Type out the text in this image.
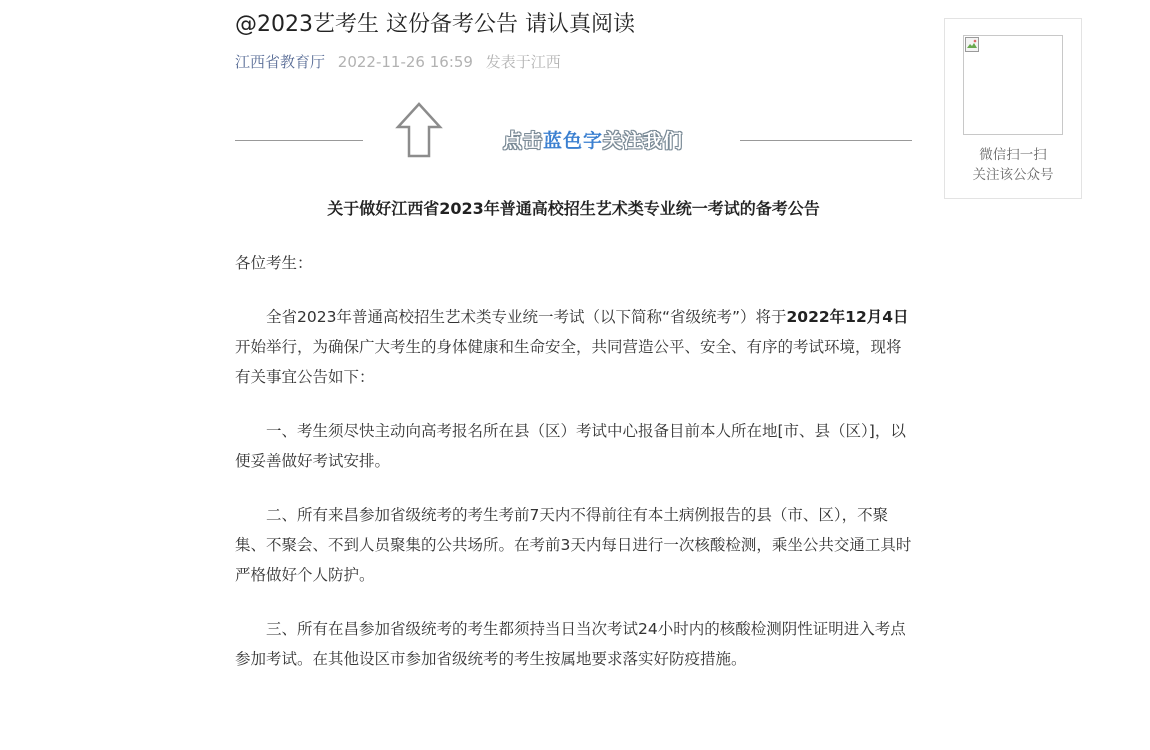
@2023艺考生 这份备考公告 请认真阅读
江西省教育厅 2022-11-26 16:59 发表于江西
点击蓝色字关注我们
关于做好江西省2023年普通高校招生艺术类专业统一考试的备考公告

各位考生：

全省2023年普通高校招生艺术类专业统一考试（以下简称“省级统考”）将于2022年12月4日开始举行，为确保广大考生的身体健康和生命安全，共同营造公平、安全、有序的考试环境，现将有关事宜公告如下：

一、考生须尽快主动向高考报名所在县（区）考试中心报备目前本人所在地[市、县（区）]，以便妥善做好考试安排。

二、所有来昌参加省级统考的考生考前7天内不得前往有本土病例报告的县（市、区），不聚集、不聚会、不到人员聚集的公共场所。在考前3天内每日进行一次核酸检测，乘坐公共交通工具时严格做好个人防护。

三、所有在昌参加省级统考的考生都须持当日当次考试24小时内的核酸检测阴性证明进入考点参加考试。在其他设区市参加省级统考的考生按属地要求落实好防疫措施。

微信扫一扫
关注该公众号
